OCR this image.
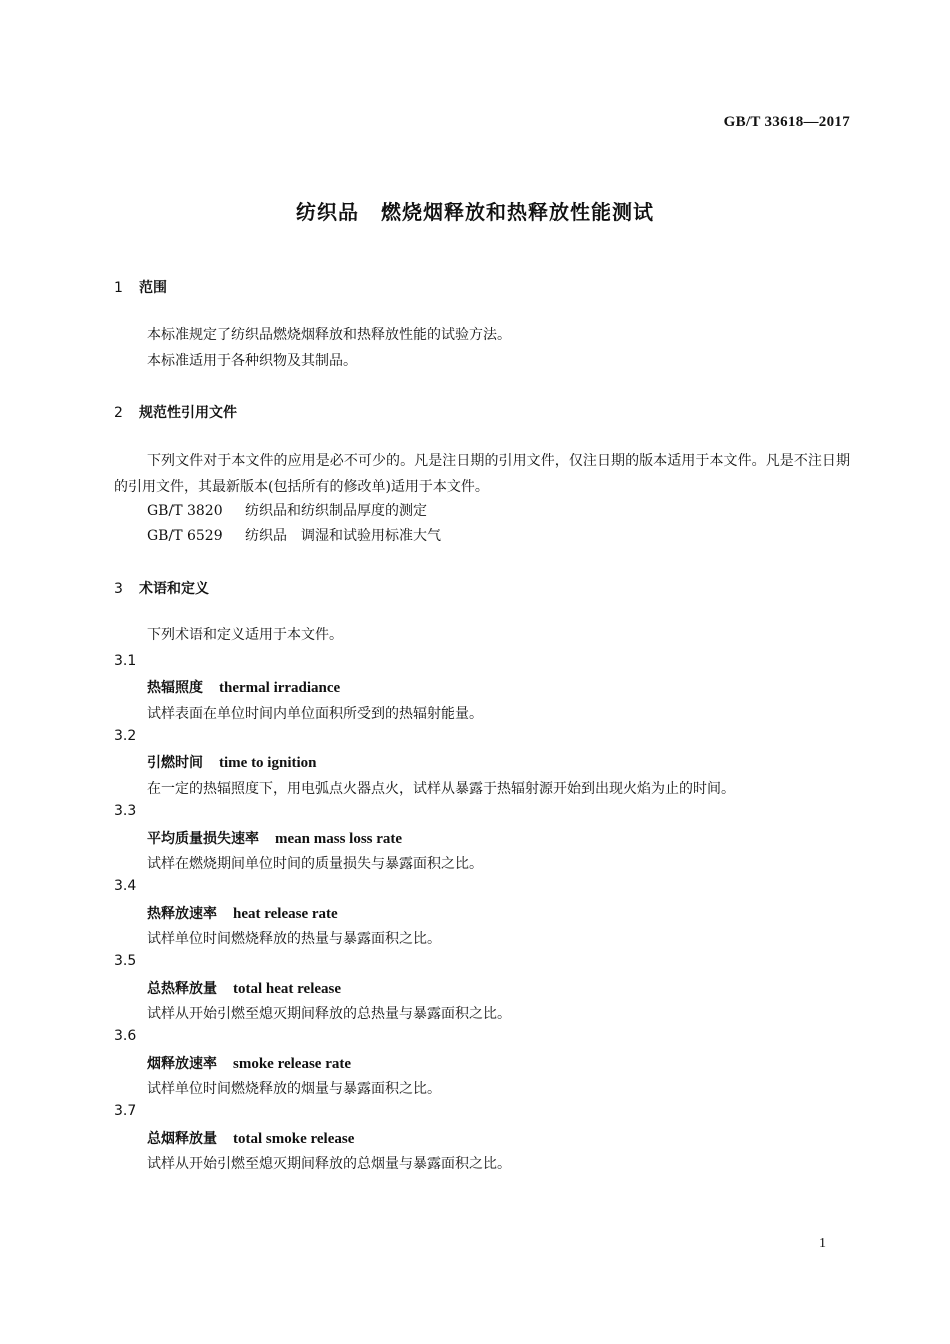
GB/T 33618—2017
纺织品 燃烧烟释放和热释放性能测试
1 范围
本标准规定了纺织品燃烧烟释放和热释放性能的试验方法。
本标准适用于各种织物及其制品。
2 规范性引用文件
下列文件对于本文件的应用是必不可少的。凡是注日期的引用文件，仅注日期的版本适用于本文件。凡是不注日期的引用文件，其最新版本(包括所有的修改单)适用于本文件。
GB/T 3820 纺织品和纺织制品厚度的测定
GB/T 6529 纺织品　调湿和试验用标准大气
3 术语和定义
下列术语和定义适用于本文件。
3.1
热辐照度 thermal irradiance
试样表面在单位时间内单位面积所受到的热辐射能量。
3.2
引燃时间 time to ignition
在一定的热辐照度下，用电弧点火器点火，试样从暴露于热辐射源开始到出现火焰为止的时间。
3.3
平均质量损失速率 mean mass loss rate
试样在燃烧期间单位时间的质量损失与暴露面积之比。
3.4
热释放速率 heat release rate
试样单位时间燃烧释放的热量与暴露面积之比。
3.5
总热释放量 total heat release
试样从开始引燃至熄灭期间释放的总热量与暴露面积之比。
3.6
烟释放速率 smoke release rate
试样单位时间燃烧释放的烟量与暴露面积之比。
3.7
总烟释放量 total smoke release
试样从开始引燃至熄灭期间释放的总烟量与暴露面积之比。
1
